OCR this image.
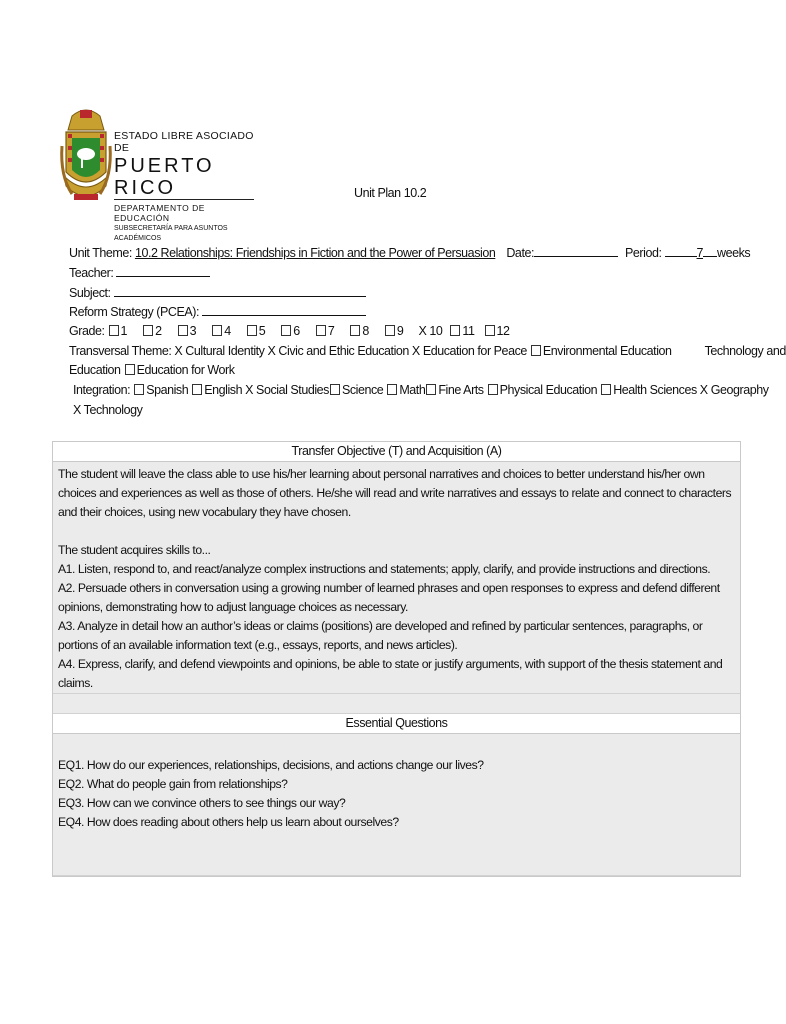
ESTADO LIBRE ASOCIADO DE
PUERTO RICO
DEPARTAMENTO DE EDUCACIÓN
SUBSECRETARÍA PARA ASUNTOS ACADÉMICOS
Unit Plan 10.2
Unit Theme: 10.2 Relationships: Friendships in Fiction and the Power of Persuasion Date:	Period:	7 weeks
Teacher:
Subject:
Reform Strategy (PCEA):
Grade: 1 2 3 4 5 6 7 8 9 X 10 11 12
Transversal Theme: X Cultural Identity X Civic and Ethic Education X Education for Peace Environmental Education	Technology and
Education Education for Work
Integration: Spanish English X Social Studies Science Math Fine Arts Physical Education Health Sciences X Geography
X Technology
Transfer Objective (T) and Acquisition (A)

The student will leave the class able to use his/her learning about personal narratives and choices to better understand his/her own choices and experiences as well as those of others. He/she will read and write narratives and essays to relate and connect to characters and their choices, using new vocabulary they have chosen.

The student acquires skills to...

A1. Listen, respond to, and react/analyze complex instructions and statements; apply, clarify, and provide instructions and directions.

A2. Persuade others in conversation using a growing number of learned phrases and open responses to express and defend different opinions, demonstrating how to adjust language choices as necessary.

A3. Analyze in detail how an author’s ideas or claims (positions) are developed and refined by particular sentences, paragraphs, or portions of an available information text (e.g., essays, reports, and news articles).

A4. Express, clarify, and defend viewpoints and opinions, be able to state or justify arguments, with support of the thesis statement and claims.

Essential Questions

EQ1. How do our experiences, relationships, decisions, and actions change our lives?

EQ2. What do people gain from relationships?

EQ3. How can we convince others to see things our way?

EQ4. How does reading about others help us learn about ourselves?
